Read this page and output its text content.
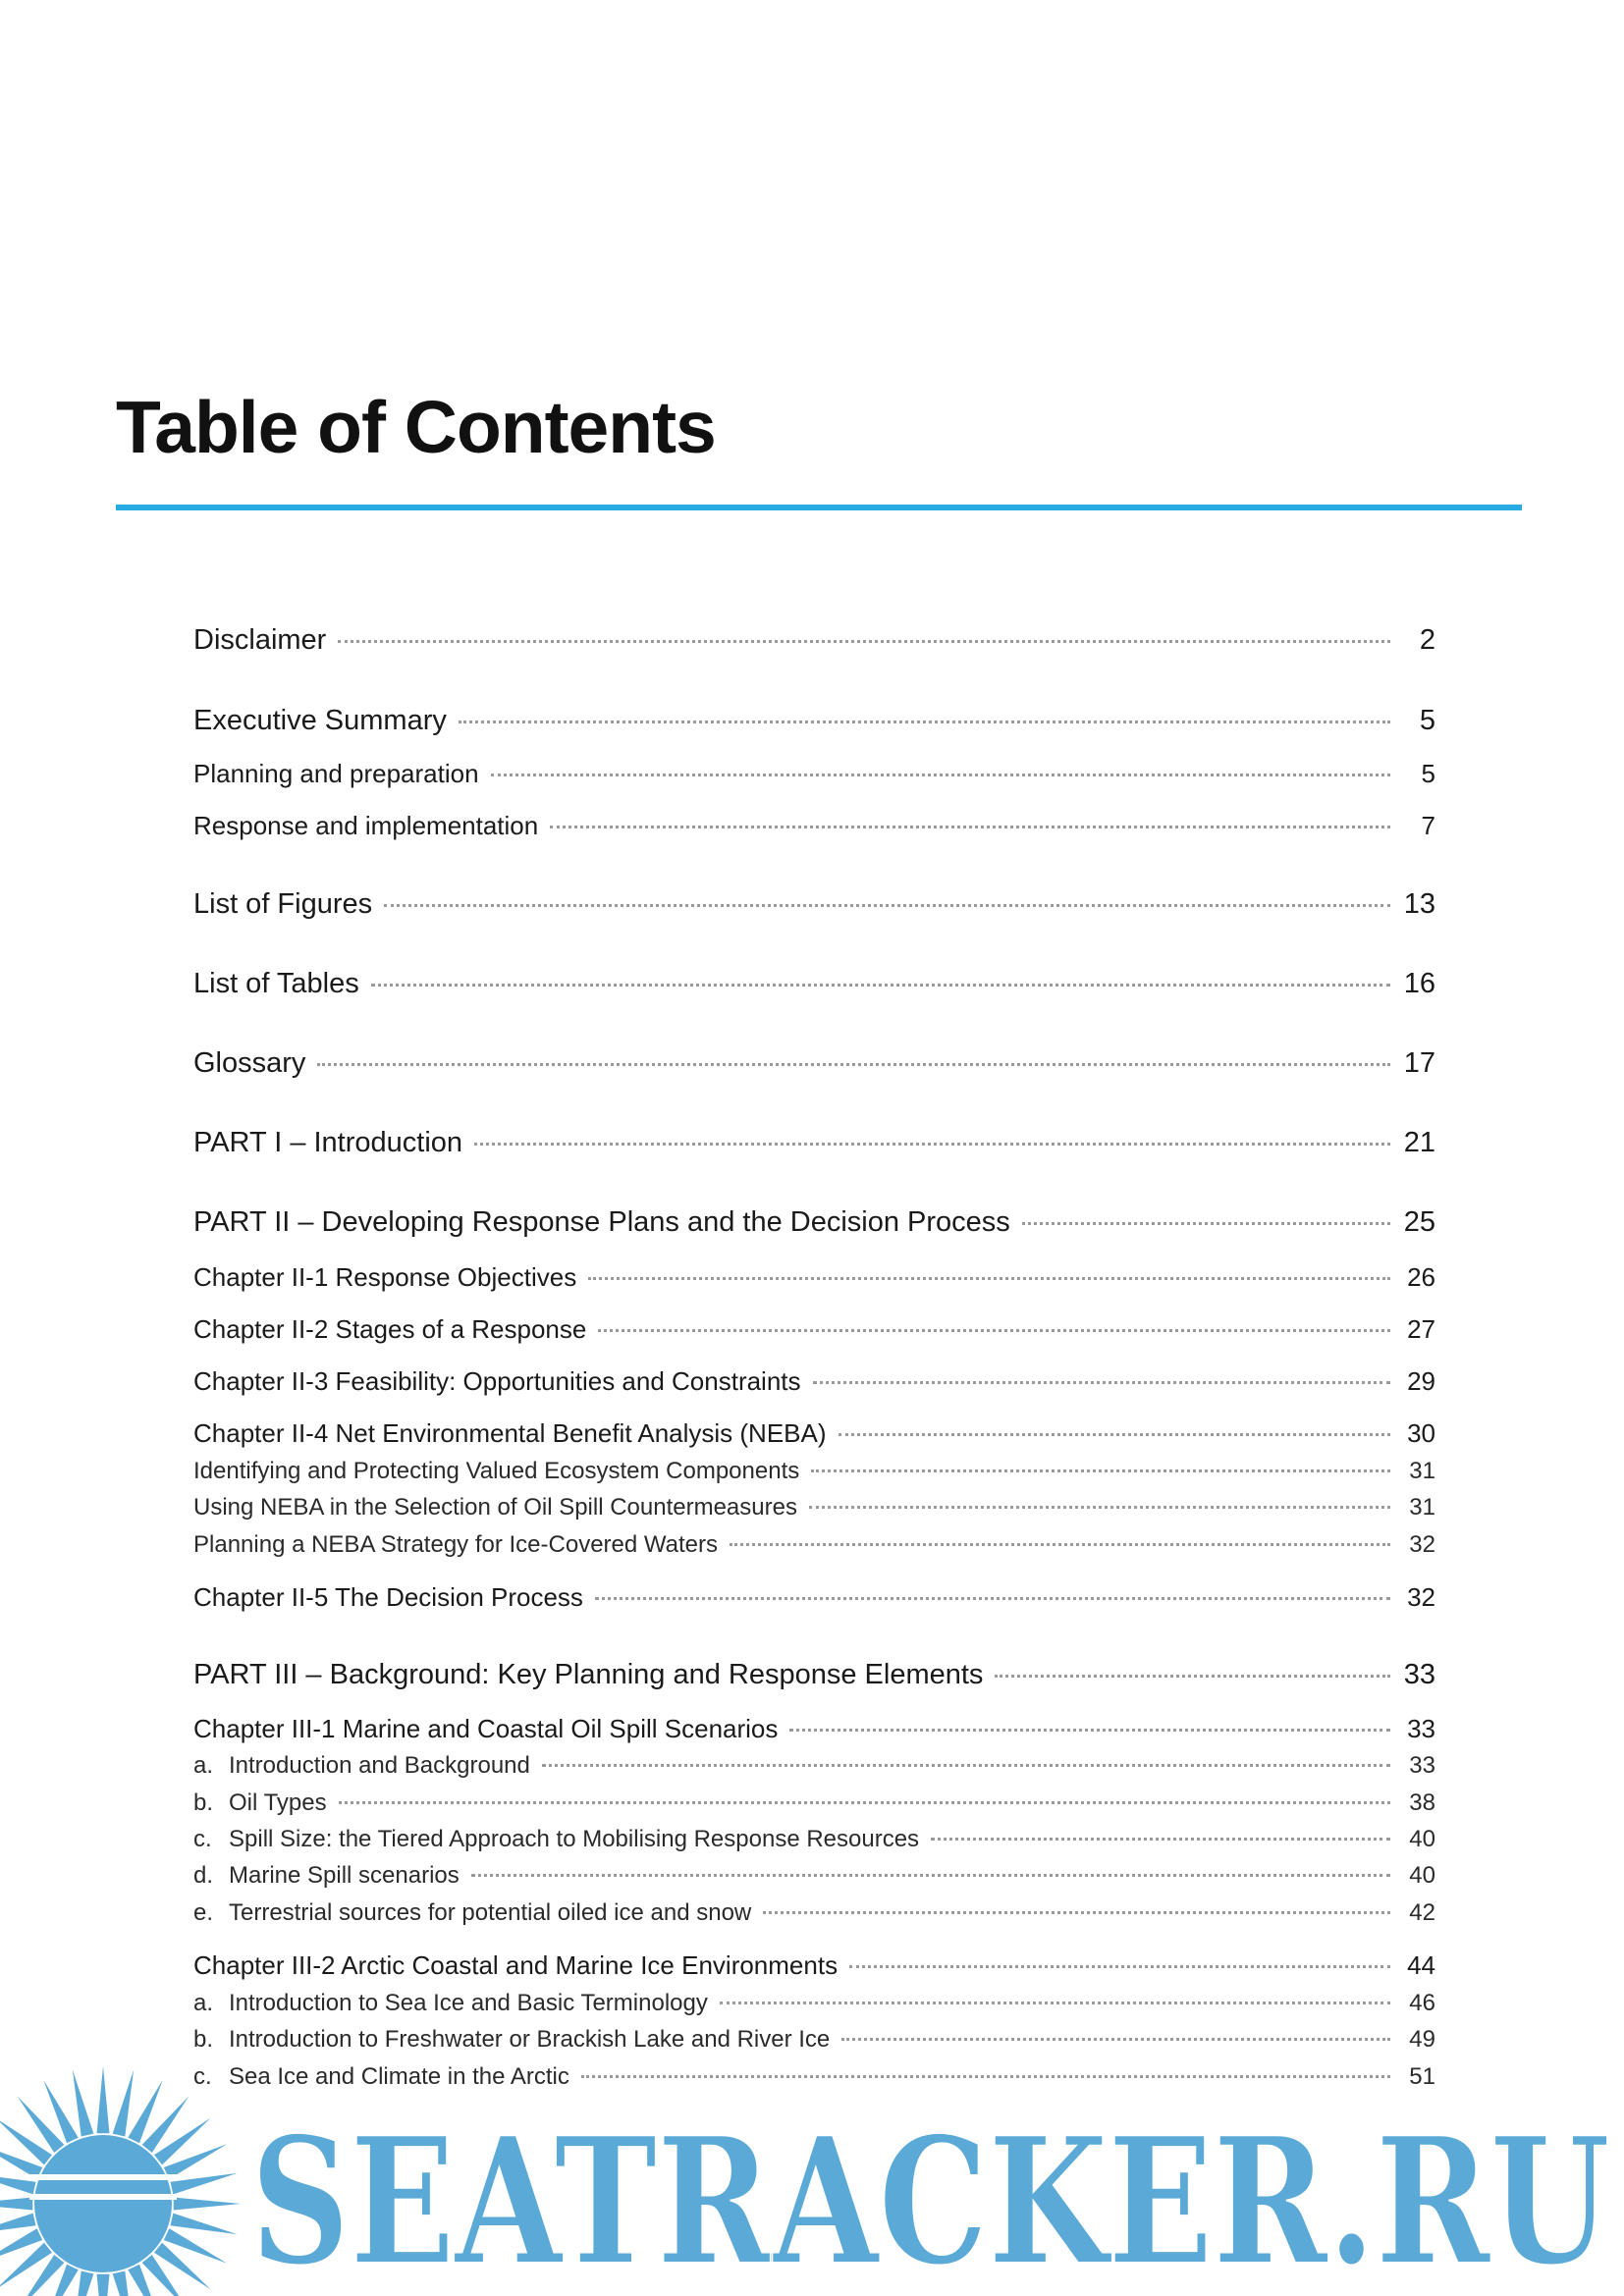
Table of Contents
Disclaimer	2
Executive Summary	5
Planning and preparation	5
Response and implementation	7
List of Figures	13
List of Tables	16
Glossary	17
PART I – Introduction	21
PART II – Developing Response Plans and the Decision Process	25
Chapter II-1 Response Objectives	26
Chapter II-2 Stages of a Response	27
Chapter II-3 Feasibility: Opportunities and Constraints	29
Chapter II-4 Net Environmental Benefit Analysis (NEBA)	30
Identifying and Protecting Valued Ecosystem Components	31
Using NEBA in the Selection of Oil Spill Countermeasures	31
Planning a NEBA Strategy for Ice-Covered Waters	32
Chapter II-5 The Decision Process	32
PART III – Background: Key Planning and Response Elements	33
Chapter III-1 Marine and Coastal Oil Spill Scenarios	33
a. Introduction and Background	33
b. Oil Types	38
c. Spill Size: the Tiered Approach to Mobilising Response Resources	40
d. Marine Spill scenarios	40
e. Terrestrial sources for potential oiled ice and snow	42
Chapter III-2 Arctic Coastal and Marine Ice Environments	44
a. Introduction to Sea Ice and Basic Terminology	46
b. Introduction to Freshwater or Brackish Lake and River Ice	49
c. Sea Ice and Climate in the Arctic	51
SEATRACKER.RU
